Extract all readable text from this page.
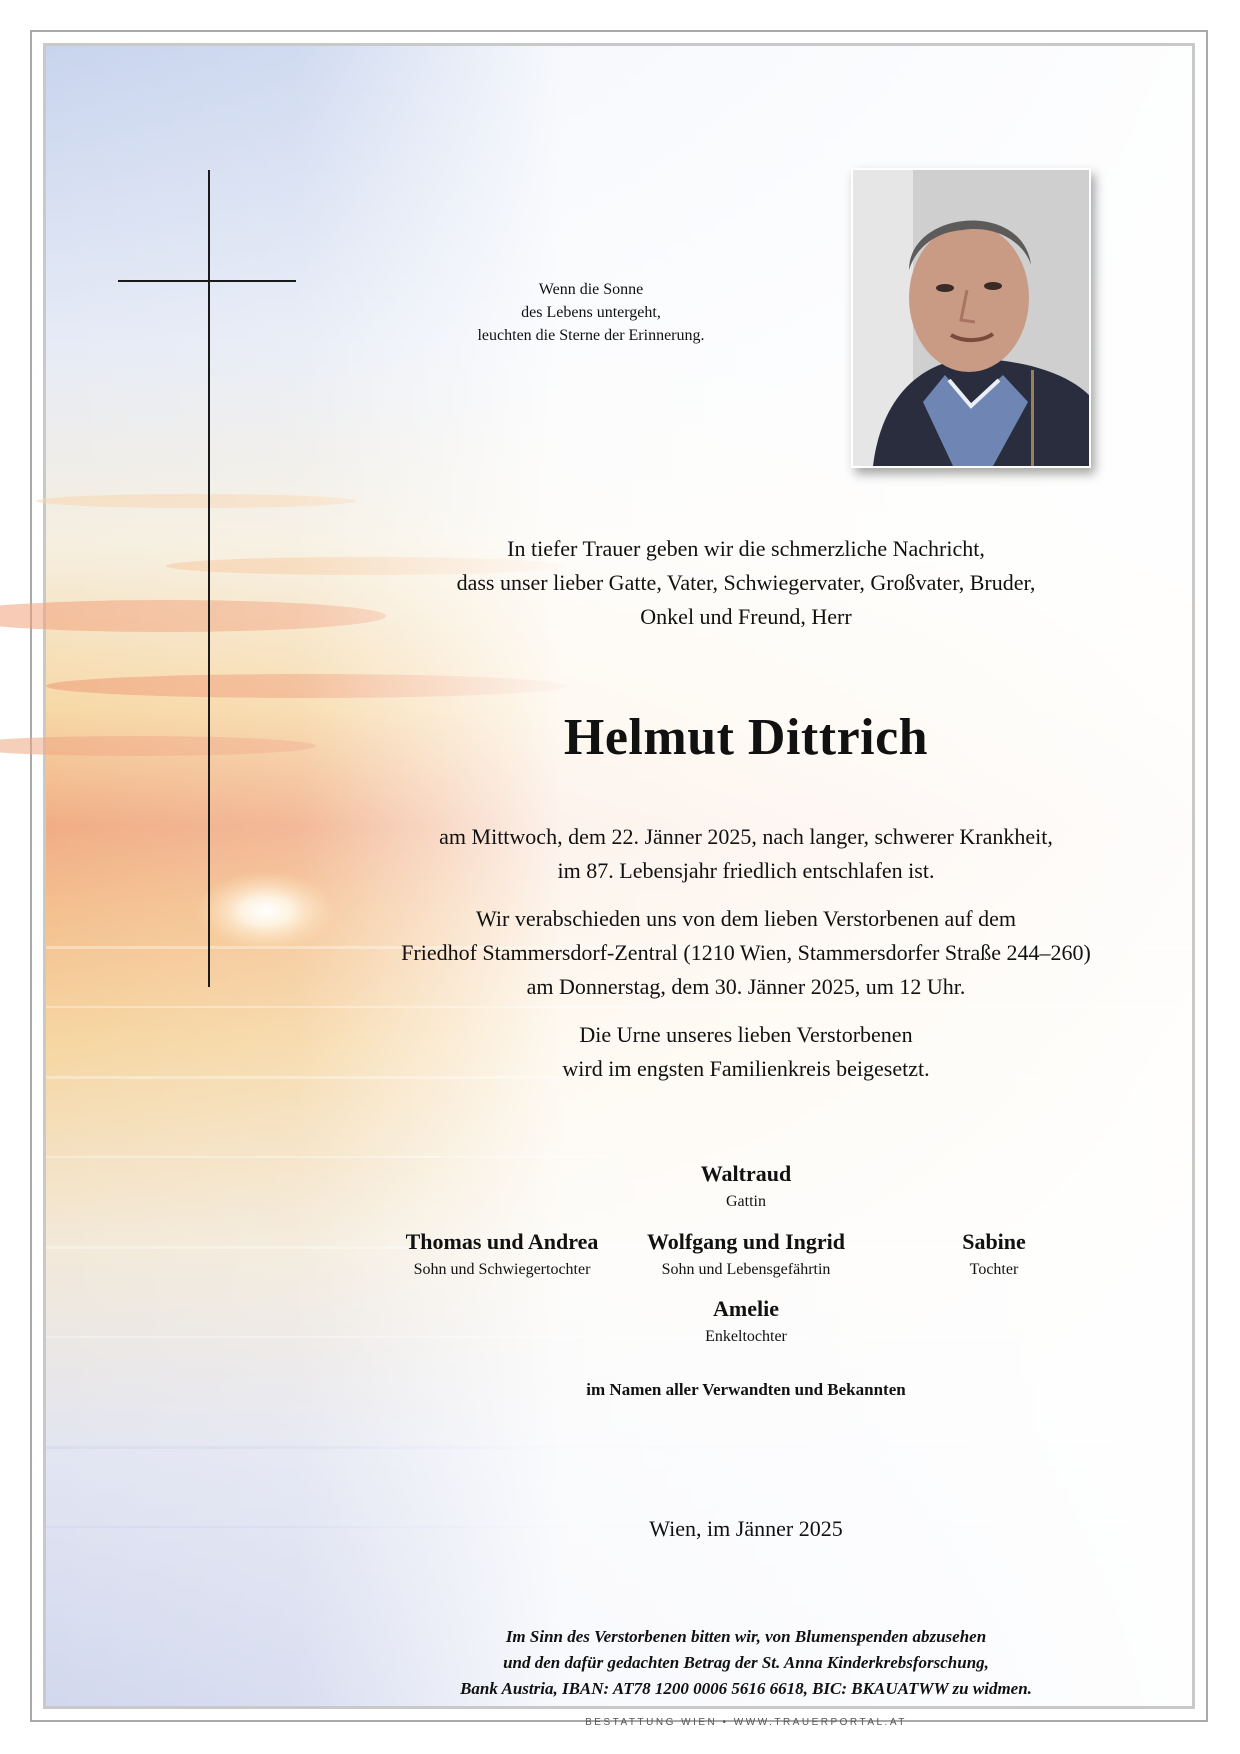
Wenn die Sonne
des Lebens untergeht,
leuchten die Sterne der Erinnerung.
In tiefer Trauer geben wir die schmerzliche Nachricht,
dass unser lieber Gatte, Vater, Schwiegervater, Großvater, Bruder,
Onkel und Freund, Herr
Helmut Dittrich
am Mittwoch, dem 22. Jänner 2025, nach langer, schwerer Krankheit,
im 87. Lebensjahr friedlich entschlafen ist.
Wir verabschieden uns von dem lieben Verstorbenen auf dem
Friedhof Stammersdorf-Zentral (1210 Wien, Stammersdorfer Straße 244–260)
am Donnerstag, dem 30. Jänner 2025, um 12 Uhr.
Die Urne unseres lieben Verstorbenen
wird im engsten Familienkreis beigesetzt.
Waltraud
Gattin
Thomas und Andrea
Sohn und Schwiegertochter
Wolfgang und Ingrid
Sohn und Lebensgefährtin
Sabine
Tochter
Amelie
Enkeltochter
im Namen aller Verwandten und Bekannten
Wien, im Jänner 2025
Im Sinn des Verstorbenen bitten wir, von Blumenspenden abzusehen
und den dafür gedachten Betrag der St. Anna Kinderkrebsforschung,
Bank Austria, IBAN: AT78 1200 0006 5616 6618, BIC: BKAUATWW zu widmen.
BESTATTUNG WIEN • WWW.TRAUERPORTAL.AT
